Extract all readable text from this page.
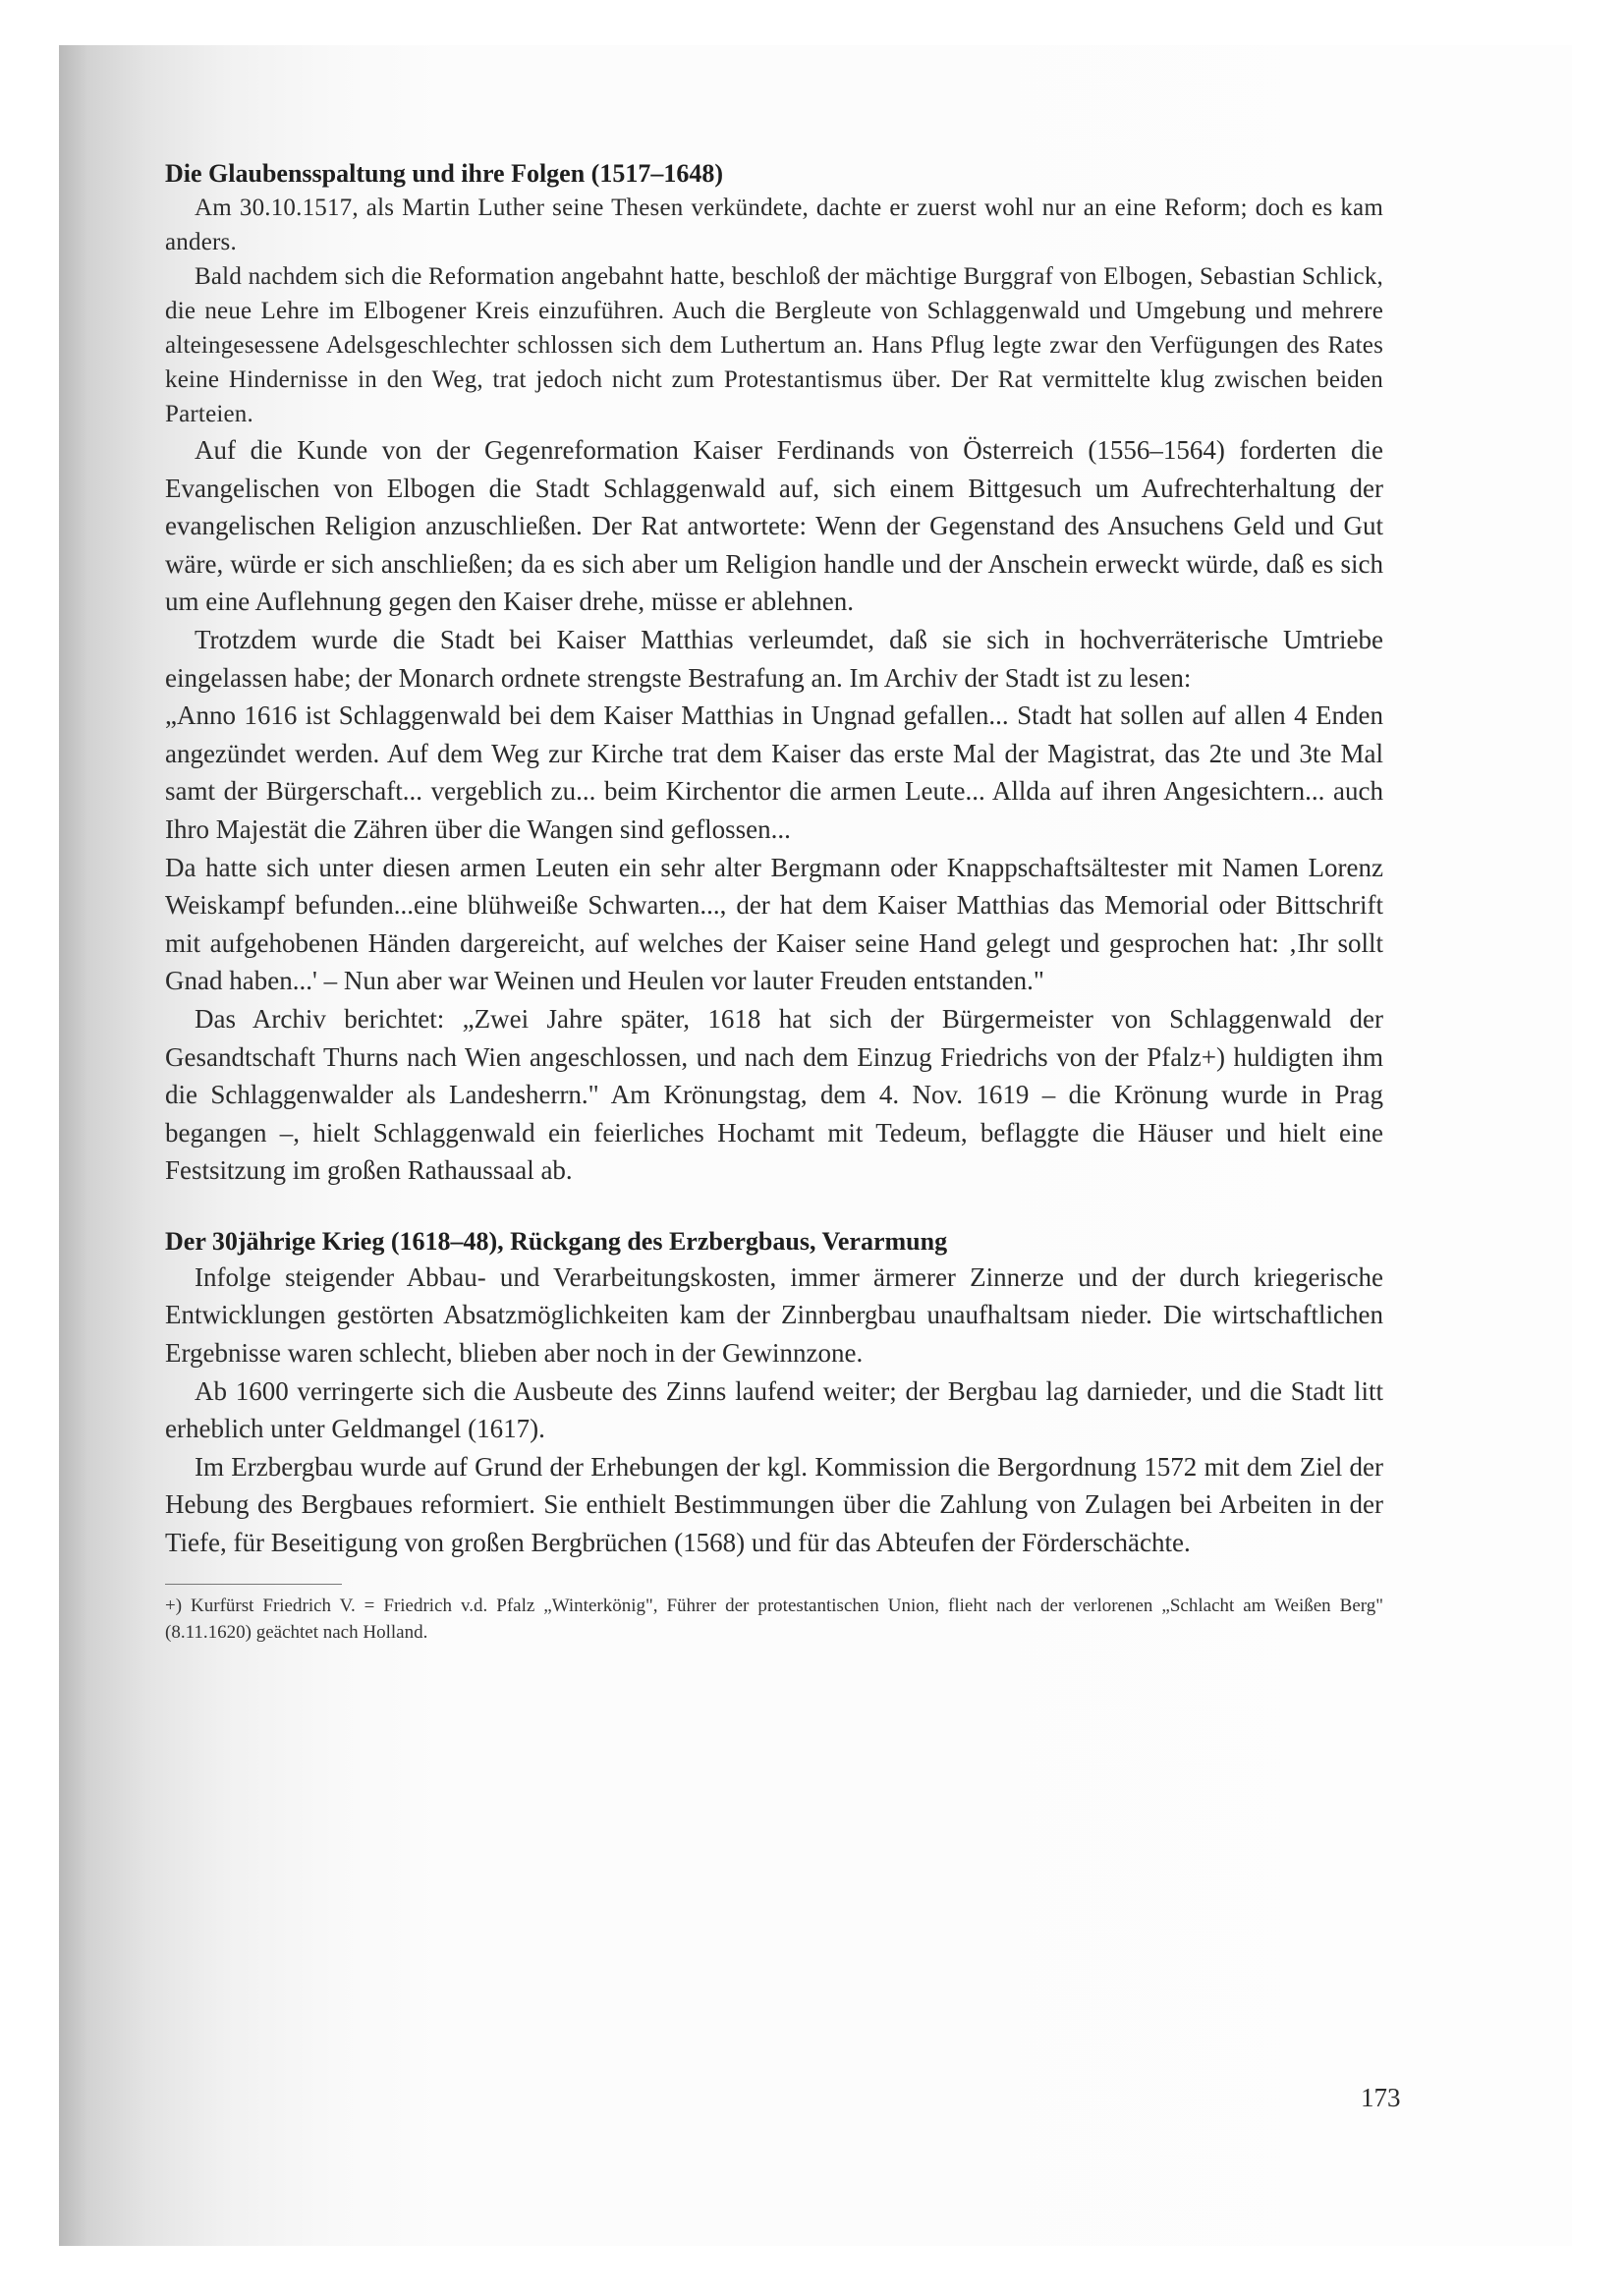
Die Glaubensspaltung und ihre Folgen (1517–1648)

Am 30.10.1517, als Martin Luther seine Thesen verkündete, dachte er zuerst wohl nur an eine Reform; doch es kam anders.

Bald nachdem sich die Reformation angebahnt hatte, beschloß der mächtige Burggraf von Elbogen, Sebastian Schlick, die neue Lehre im Elbogener Kreis einzuführen. Auch die Bergleute von Schlaggenwald und Umgebung und mehrere alteingesessene Adelsgeschlechter schlossen sich dem Luthertum an. Hans Pflug legte zwar den Verfügungen des Rates keine Hindernisse in den Weg, trat jedoch nicht zum Protestantismus über. Der Rat vermittelte klug zwischen beiden Parteien.

Auf die Kunde von der Gegenreformation Kaiser Ferdinands von Österreich (1556–1564) forderten die Evangelischen von Elbogen die Stadt Schlaggenwald auf, sich einem Bittgesuch um Aufrechterhaltung der evangelischen Religion anzuschließen. Der Rat antwortete: Wenn der Gegenstand des Ansuchens Geld und Gut wäre, würde er sich anschließen; da es sich aber um Religion handle und der Anschein erweckt würde, daß es sich um eine Auflehnung gegen den Kaiser drehe, müsse er ablehnen.

Trotzdem wurde die Stadt bei Kaiser Matthias verleumdet, daß sie sich in hochverräterische Umtriebe eingelassen habe; der Monarch ordnete strengste Bestrafung an. Im Archiv der Stadt ist zu lesen:

„Anno 1616 ist Schlaggenwald bei dem Kaiser Matthias in Ungnad gefallen... Stadt hat sollen auf allen 4 Enden angezündet werden. Auf dem Weg zur Kirche trat dem Kaiser das erste Mal der Magistrat, das 2te und 3te Mal samt der Bürgerschaft... vergeblich zu... beim Kirchentor die armen Leute... Allda auf ihren Angesichtern... auch Ihro Majestät die Zähren über die Wangen sind geflossen...

Da hatte sich unter diesen armen Leuten ein sehr alter Bergmann oder Knappschaftsältester mit Namen Lorenz Weiskampf befunden...eine blühweiße Schwarten..., der hat dem Kaiser Matthias das Memorial oder Bittschrift mit aufgehobenen Händen dargereicht, auf welches der Kaiser seine Hand gelegt und gesprochen hat: ‚Ihr sollt Gnad haben...' – Nun aber war Weinen und Heulen vor lauter Freuden entstanden."

Das Archiv berichtet: „Zwei Jahre später, 1618 hat sich der Bürgermeister von Schlaggenwald der Gesandtschaft Thurns nach Wien angeschlossen, und nach dem Einzug Friedrichs von der Pfalz+) huldigten ihm die Schlaggenwalder als Landesherrn." Am Krönungstag, dem 4. Nov. 1619 – die Krönung wurde in Prag begangen –, hielt Schlaggenwald ein feierliches Hochamt mit Tedeum, beflaggte die Häuser und hielt eine Festsitzung im großen Rathaussaal ab.

Der 30jährige Krieg (1618–48), Rückgang des Erzbergbaus, Verarmung

Infolge steigender Abbau- und Verarbeitungskosten, immer ärmerer Zinnerze und der durch kriegerische Entwicklungen gestörten Absatzmöglichkeiten kam der Zinnbergbau unaufhaltsam nieder. Die wirtschaftlichen Ergebnisse waren schlecht, blieben aber noch in der Gewinnzone.

Ab 1600 verringerte sich die Ausbeute des Zinns laufend weiter; der Bergbau lag darnieder, und die Stadt litt erheblich unter Geldmangel (1617).

Im Erzbergbau wurde auf Grund der Erhebungen der kgl. Kommission die Bergordnung 1572 mit dem Ziel der Hebung des Bergbaues reformiert. Sie enthielt Bestimmungen über die Zahlung von Zulagen bei Arbeiten in der Tiefe, für Beseitigung von großen Bergbrüchen (1568) und für das Abteufen der Förderschächte.

+) Kurfürst Friedrich V. = Friedrich v.d. Pfalz „Winterkönig", Führer der protestantischen Union, flieht nach der verlorenen „Schlacht am Weißen Berg" (8.11.1620) geächtet nach Holland.

173
